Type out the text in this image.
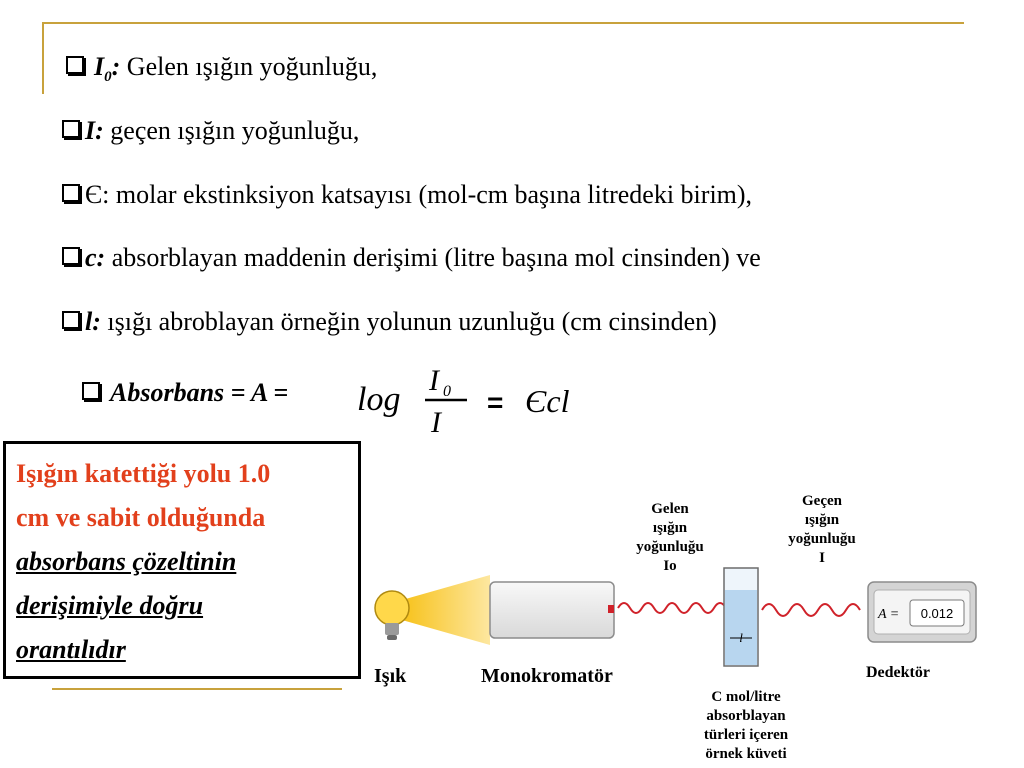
$I_0$: Gelen ışığın yoğunluğu,
I: geçen ışığın yoğunluğu,
Є: molar ekstinksiyon katsayısı (mol-cm başına litredeki birim),
c: absorblayan maddenin derişimi (litre başına mol cinsinden) ve
l: ışığı abroblayan örneğin yolunun uzunluğu (cm cinsinden)
Absorbans = A = log
I 0
I
= Єcl
Işığın katettiği yolu 1.0
cm ve sabit olduğunda
absorbans çözeltinin
derişimiyle doğru
orantılıdır	l
A = 0.012
Işık	Monokromatör
Gelen
ışığın
yoğunluğu
Io
Geçen
ışığın
yoğunluğu
I
Dedektör
C mol/litre
absorblayan
türleri içeren
örnek küveti
